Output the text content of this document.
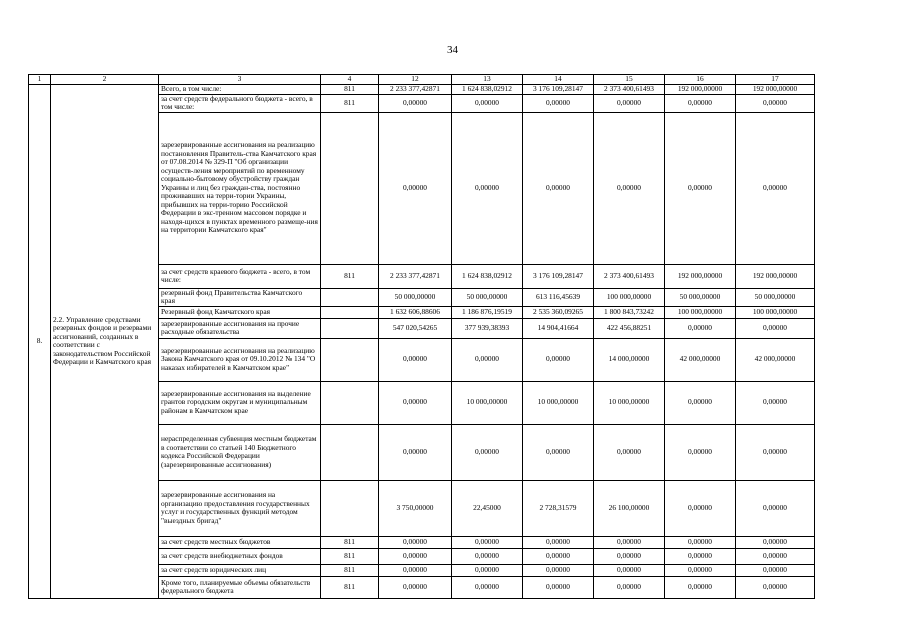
34
1	2	3	4	12	13	14	15	16	17
8.	2.2. Управление средствами резервных фондов и резервами ассигнований, созданных в соответствии с законодательством Российской Федерации и Камчатского края	Всего, в том числе:	811	2 233 377,42871	1 624 838,02912	3 176 109,28147	2 373 400,61493	192 000,00000	192 000,00000
		за счет средств федерального бюджета - всего, в том числе:	811	0,00000	0,00000	0,00000	0,00000	0,00000	0,00000
		зарезервированные ассигнования на реализацию постановления Правитель-ства Камчатского края от 07.08.2014 № 329-П "Об организации осуществ-ления мероприятий по временному социально-бытовому обустройству граждан Украины и лиц без граждан-ства, постоянно проживавших на терри-тории Украины, прибывших на терри-торию Российской Федерации в экс-тренном массовом порядке и находя-щихся в пунктах временного размеще-ния на территории Камчатского края"		0,00000	0,00000	0,00000	0,00000	0,00000	0,00000
		за счет средств краевого бюджета - всего, в том числе:	811	2 233 377,42871	1 624 838,02912	3 176 109,28147	2 373 400,61493	192 000,00000	192 000,00000
		резервный фонд Правительства Камчатского края		50 000,00000	50 000,00000	613 116,45639	100 000,00000	50 000,00000	50 000,00000
		Резервный фонд Камчатского края		1 632 606,88606	1 186 876,19519	2 535 360,09265	1 800 843,73242	100 000,00000	100 000,00000
		зарезервированные ассигнования на прочие расходные обязательства		547 020,54265	377 939,38393	14 904,41664	422 456,88251	0,00000	0,00000
		зарезервированные ассигнования на реализацию Закона Камчатского края от 09.10.2012 № 134 "О наказах избирателей в Камчатском крае"		0,00000	0,00000	0,00000	14 000,00000	42 000,00000	42 000,00000
		зарезервированные ассигнования на выделение грантов городским округам и муниципальным районам в Камчатском крае		0,00000	10 000,00000	10 000,00000	10 000,00000	0,00000	0,00000
		нераспределенная субвенция местным бюджетам в соответствии со статьей 140 Бюджетного кодекса Российской Федерации (зарезервированные ассигнования)		0,00000	0,00000	0,00000	0,00000	0,00000	0,00000
		зарезервированные ассигнования на организацию предоставления государственных услуг и государственных функций методом "выездных бригад"		3 750,00000	22,45000	2 728,31579	26 100,00000	0,00000	0,00000
		за счет средств местных бюджетов	811	0,00000	0,00000	0,00000	0,00000	0,00000	0,00000
		за счет средств внебюджетных фондов	811	0,00000	0,00000	0,00000	0,00000	0,00000	0,00000
		за счет средств юридических лиц	811	0,00000	0,00000	0,00000	0,00000	0,00000	0,00000
		Кроме того, планируемые объемы обязательств федерального бюджета	811	0,00000	0,00000	0,00000	0,00000	0,00000	0,00000
